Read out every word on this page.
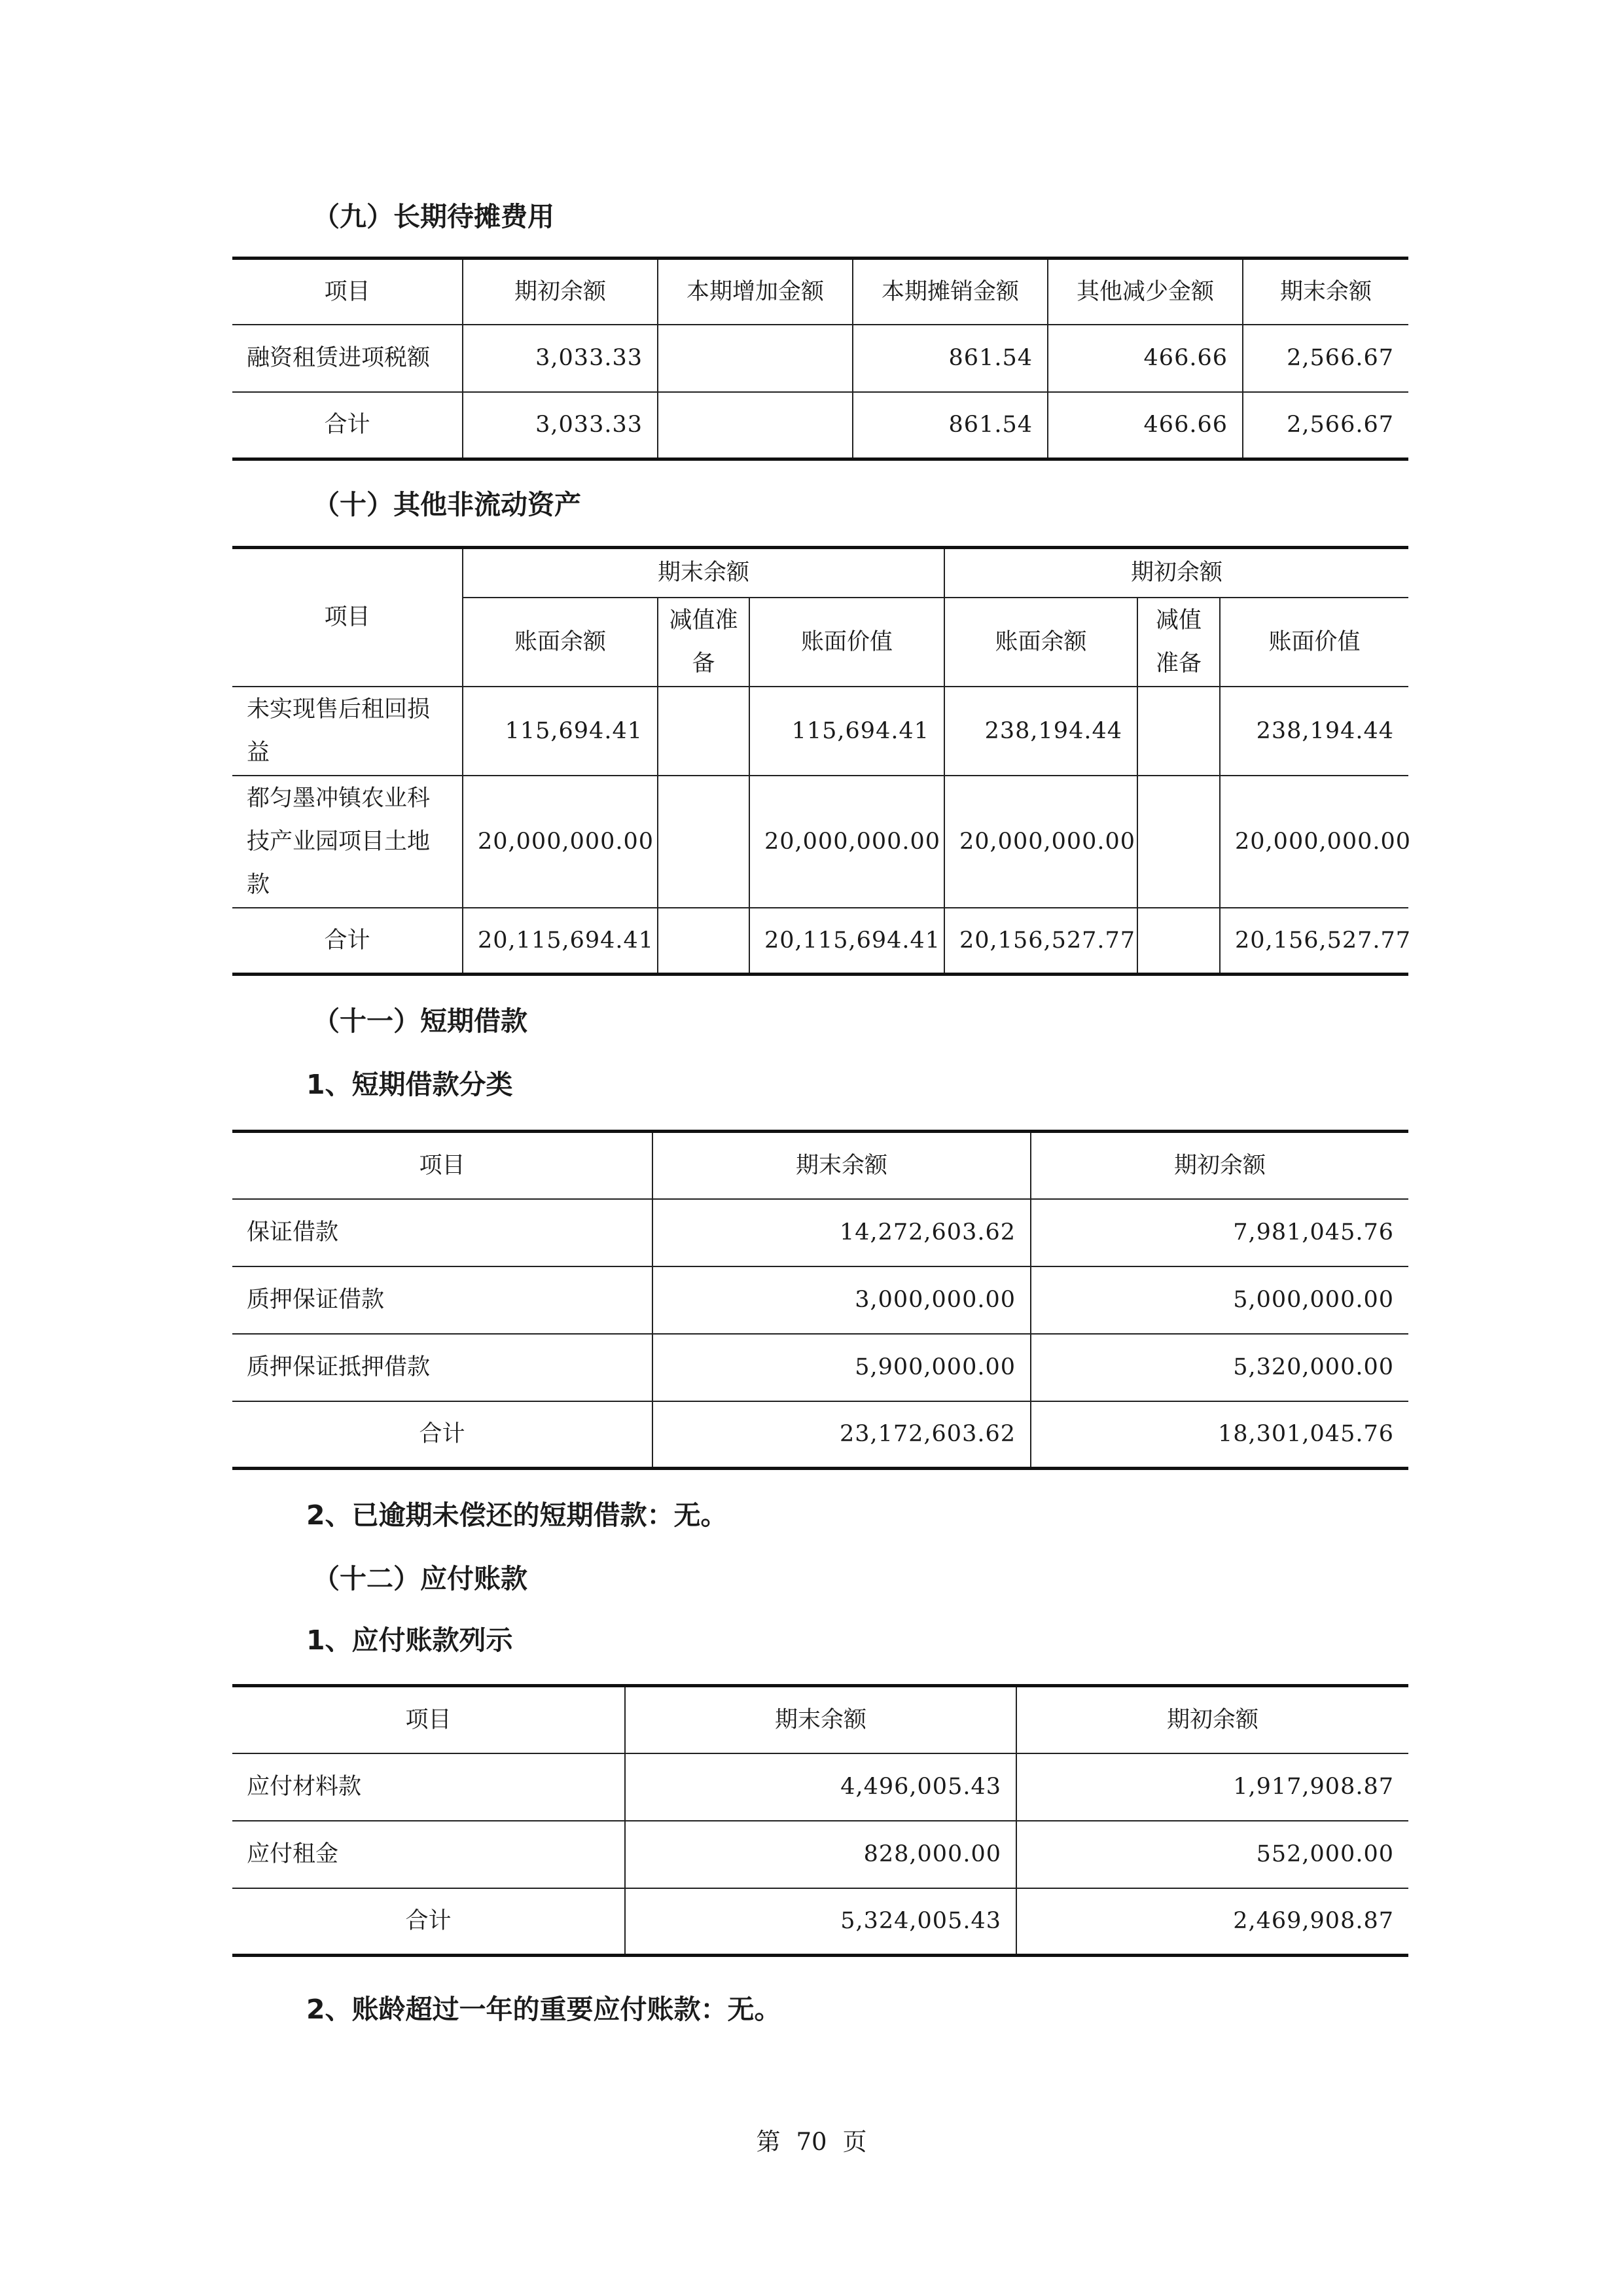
（九）长期待摊费用
项目	期初余额	本期增加金额	本期摊销金额	其他减少金额	期末余额
融资租赁进项税额	3,033.33		861.54	466.66	2,566.67
合计	3,033.33		861.54	466.66	2,566.67
（十）其他非流动资产
项目	期末余额			期初余额		
	账面余额	减值准备	账面价值	账面余额	减值准备	账面价值
未实现售后租回损益	115,694.41		115,694.41	238,194.44		238,194.44
都匀墨冲镇农业科技产业园项目土地款	20,000,000.00		20,000,000.00	20,000,000.00		20,000,000.00
合计	20,115,694.41		20,115,694.41	20,156,527.77		20,156,527.77
（十一）短期借款
1、短期借款分类
项目	期末余额	期初余额
保证借款	14,272,603.62	7,981,045.76
质押保证借款	3,000,000.00	5,000,000.00
质押保证抵押借款	5,900,000.00	5,320,000.00
合计	23,172,603.62	18,301,045.76
2、已逾期未偿还的短期借款：无。
（十二）应付账款
1、应付账款列示
项目	期末余额	期初余额
应付材料款	4,496,005.43	1,917,908.87
应付租金	828,000.00	552,000.00
合计	5,324,005.43	2,469,908.87
2、账龄超过一年的重要应付账款：无。
第 70 页
